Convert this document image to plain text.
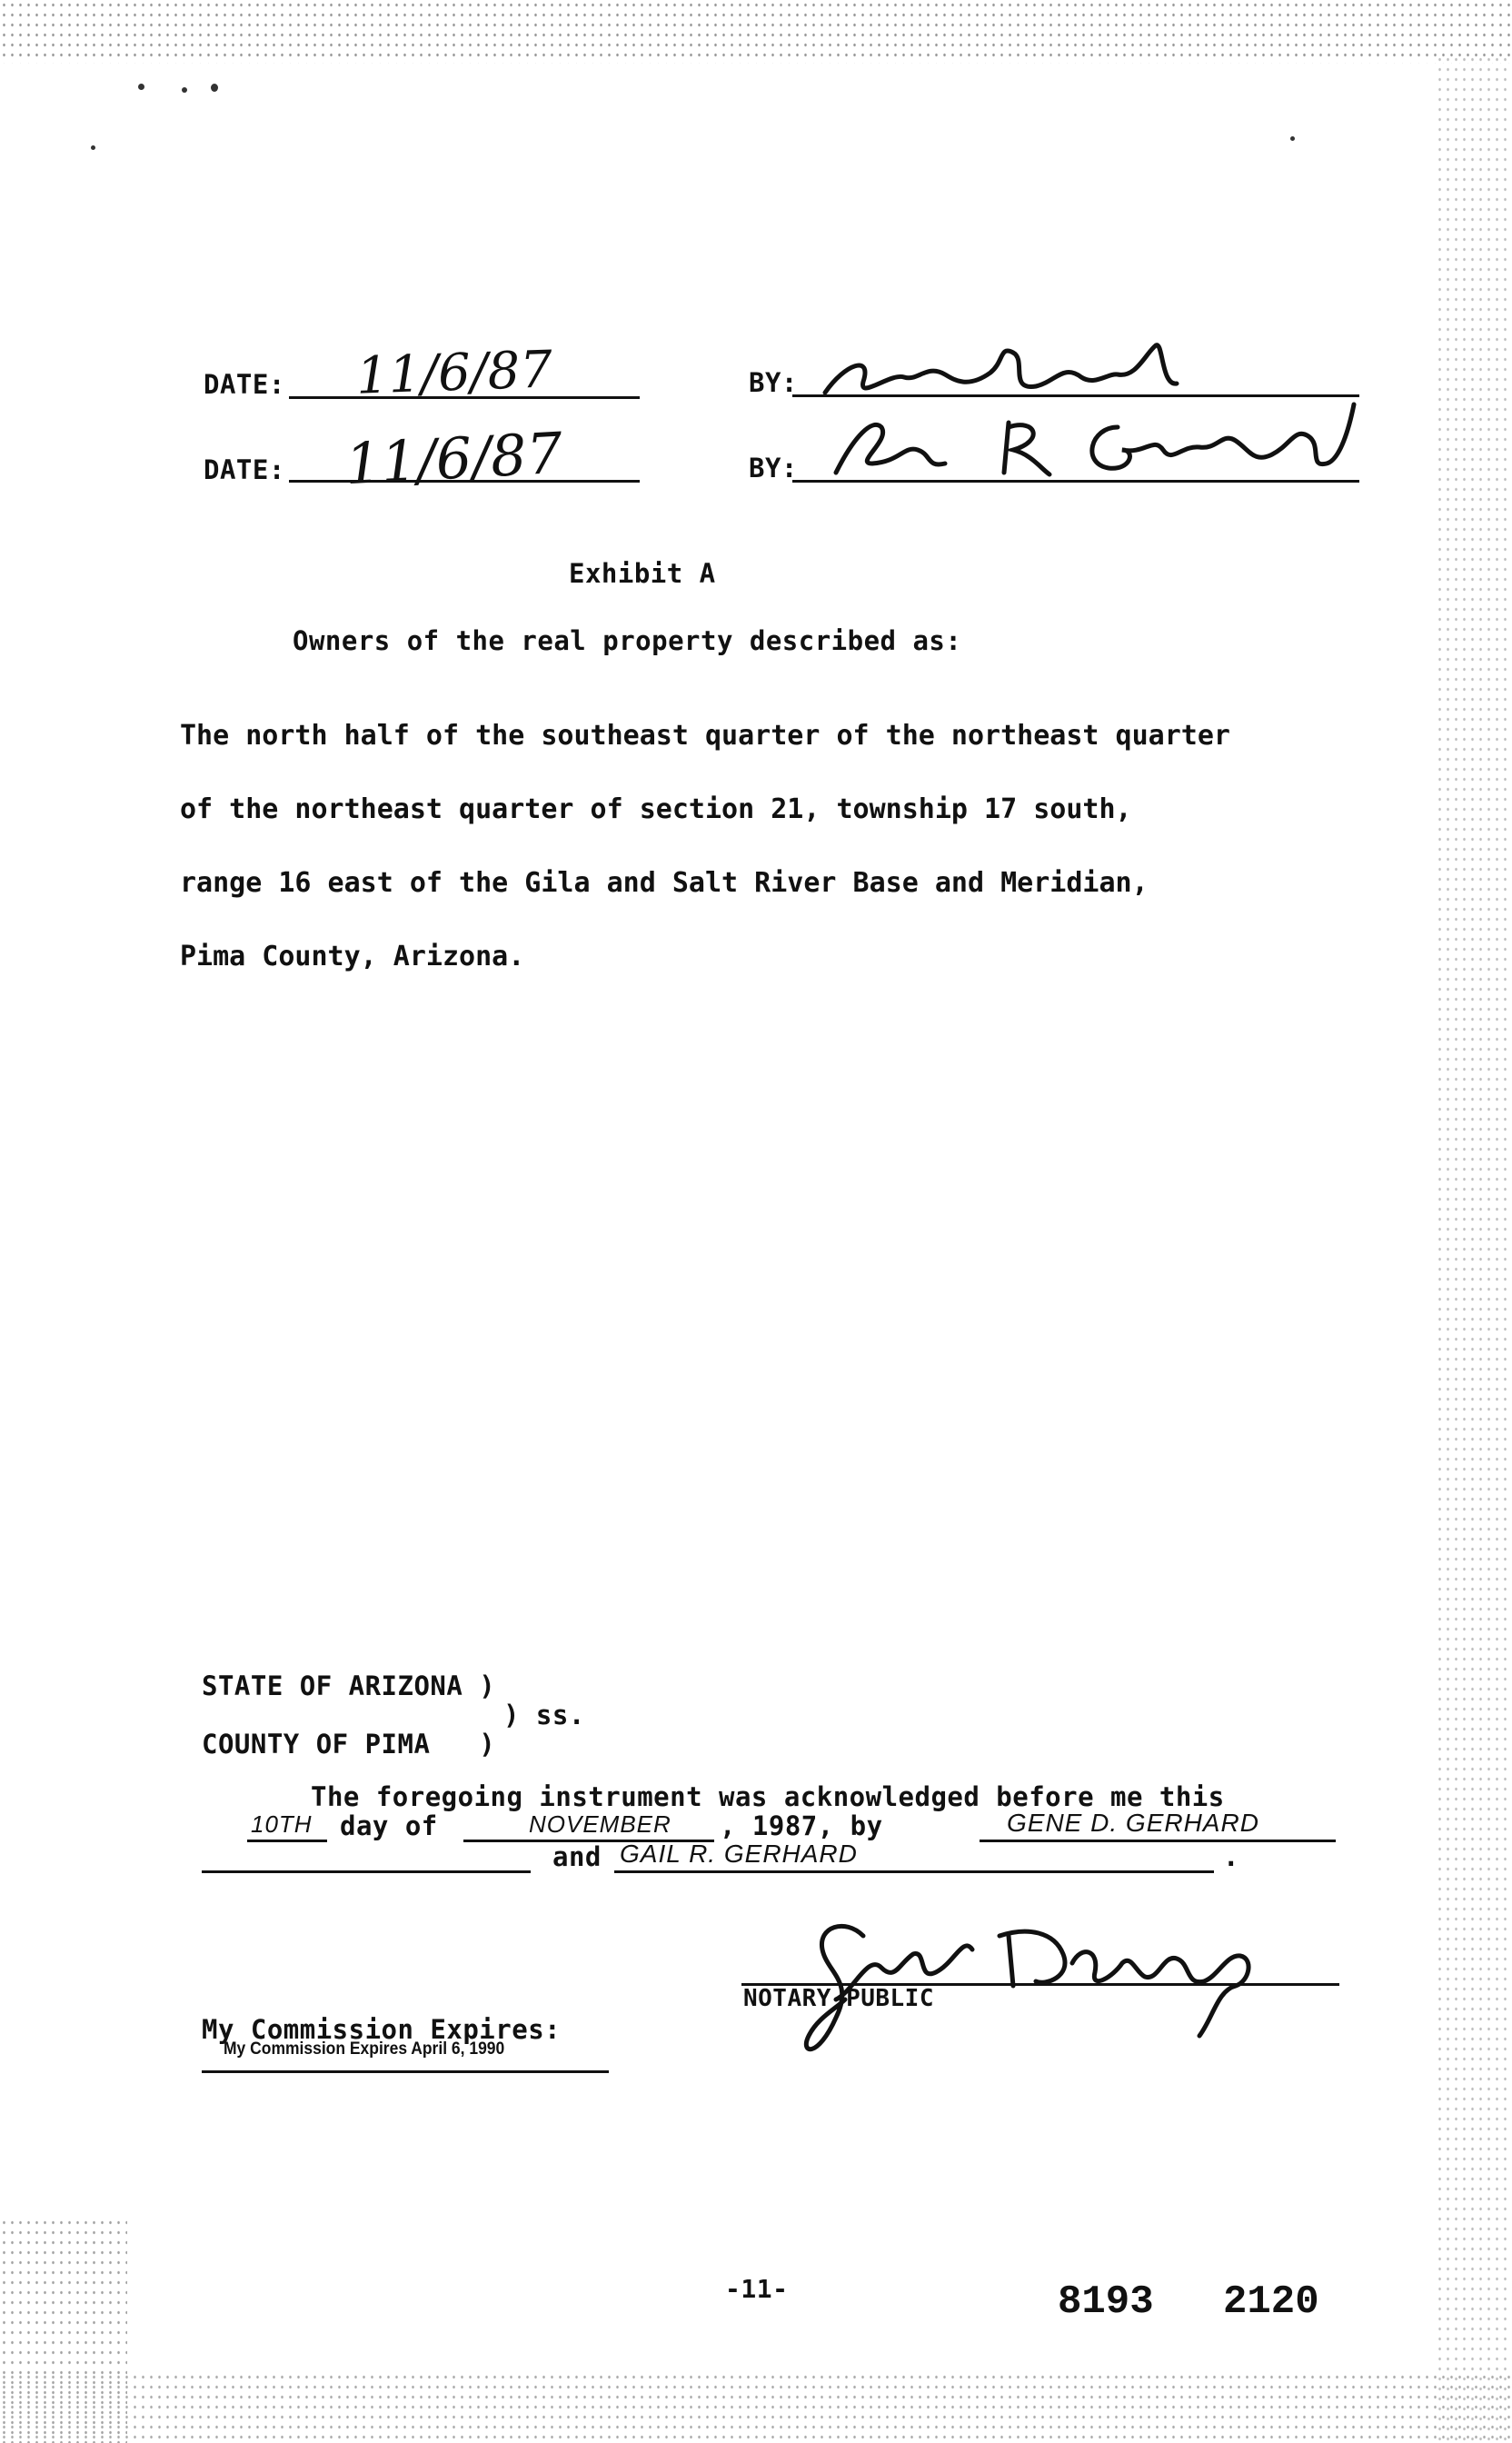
DATE: 11/6/87	BY:
DATE: 11/6/87	BY:
Exhibit A
Owners of the real property described as:

The north half of the southeast quarter of the northeast quarter

of the northeast quarter of section 21, township 17 south,

range 16 east of the Gila and Salt River Base and Meridian,

Pima County, Arizona.

STATE OF ARIZONA )
) ss.
COUNTY OF PIMA   )
The foregoing instrument was acknowledged before me this
10TH day of	NOVEMBER , 1987, by	GENE D. GERHARD
and GAIL R. GERHARD	.
NOTARY PUBLIC
My Commission Expires:
My Commission Expires April 6, 1990
-11-	8193 2120
